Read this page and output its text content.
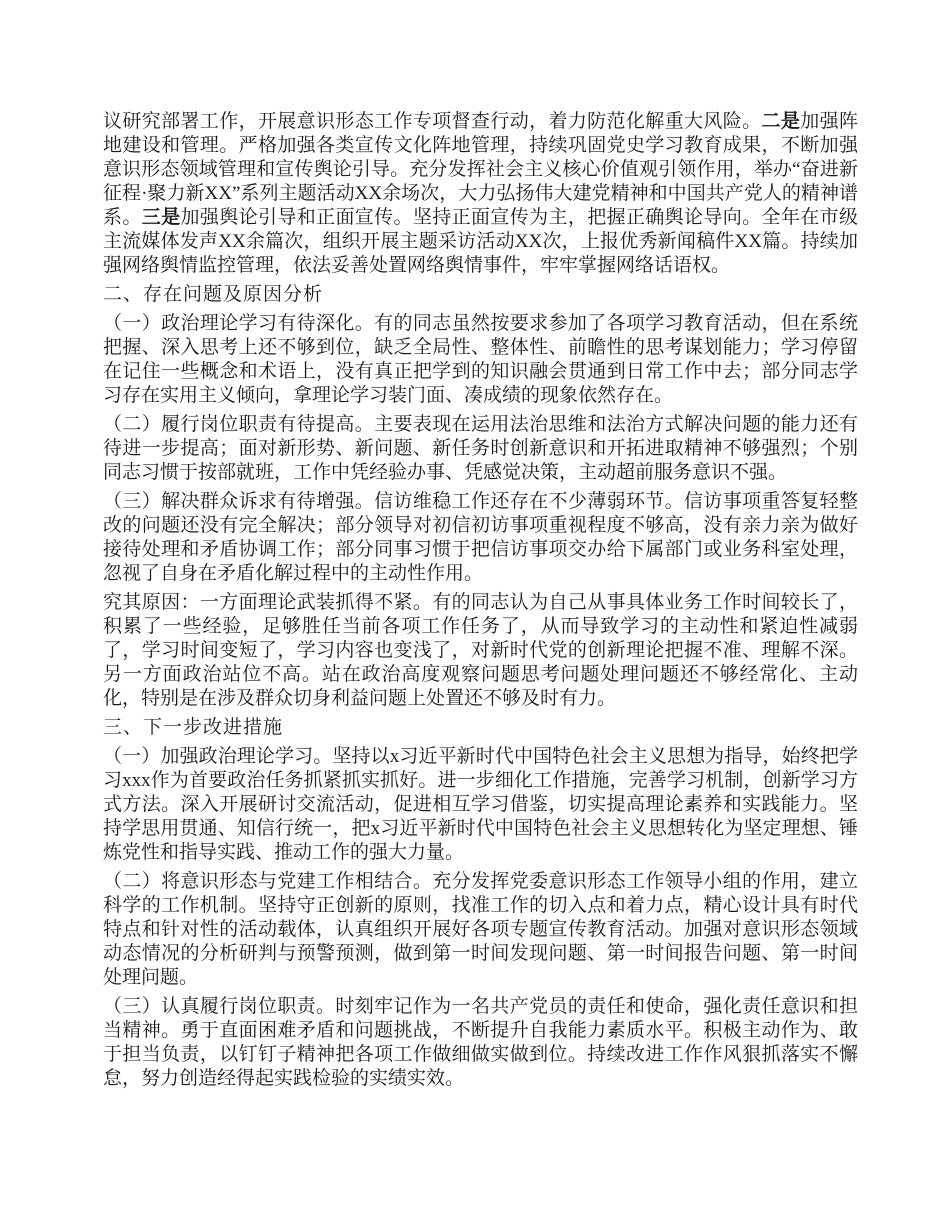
议研究部署工作，开展意识形态工作专项督查行动，着力防范化解重大风险。二是加强阵地建设和管理。严格加强各类宣传文化阵地管理，持续巩固党史学习教育成果，不断加强意识形态领域管理和宣传舆论引导。充分发挥社会主义核心价值观引领作用，举办“奋进新征程·聚力新XX”系列主题活动XX余场次，大力弘扬伟大建党精神和中国共产党人的精神谱系。三是加强舆论引导和正面宣传。坚持正面宣传为主，把握正确舆论导向。全年在市级主流媒体发声XX余篇次，组织开展主题采访活动XX次，上报优秀新闻稿件XX篇。持续加强网络舆情监控管理，依法妥善处置网络舆情事件，牢牢掌握网络话语权。

二、存在问题及原因分析

（一）政治理论学习有待深化。有的同志虽然按要求参加了各项学习教育活动，但在系统把握、深入思考上还不够到位，缺乏全局性、整体性、前瞻性的思考谋划能力；学习停留在记住一些概念和术语上，没有真正把学到的知识融会贯通到日常工作中去；部分同志学习存在实用主义倾向，拿理论学习装门面、凑成绩的现象依然存在。

（二）履行岗位职责有待提高。主要表现在运用法治思维和法治方式解决问题的能力还有待进一步提高；面对新形势、新问题、新任务时创新意识和开拓进取精神不够强烈；个别同志习惯于按部就班，工作中凭经验办事、凭感觉决策，主动超前服务意识不强。

（三）解决群众诉求有待增强。信访维稳工作还存在不少薄弱环节。信访事项重答复轻整改的问题还没有完全解决；部分领导对初信初访事项重视程度不够高，没有亲力亲为做好接待处理和矛盾协调工作；部分同事习惯于把信访事项交办给下属部门或业务科室处理，忽视了自身在矛盾化解过程中的主动性作用。

究其原因：一方面理论武装抓得不紧。有的同志认为自己从事具体业务工作时间较长了，积累了一些经验，足够胜任当前各项工作任务了，从而导致学习的主动性和紧迫性减弱了，学习时间变短了，学习内容也变浅了，对新时代党的创新理论把握不准、理解不深。另一方面政治站位不高。站在政治高度观察问题思考问题处理问题还不够经常化、主动化，特别是在涉及群众切身利益问题上处置还不够及时有力。

三、下一步改进措施

（一）加强政治理论学习。坚持以x习近平新时代中国特色社会主义思想为指导，始终把学习xxx作为首要政治任务抓紧抓实抓好。进一步细化工作措施，完善学习机制，创新学习方式方法。深入开展研讨交流活动，促进相互学习借鉴，切实提高理论素养和实践能力。坚持学思用贯通、知信行统一，把x习近平新时代中国特色社会主义思想转化为坚定理想、锤炼党性和指导实践、推动工作的强大力量。

（二）将意识形态与党建工作相结合。充分发挥党委意识形态工作领导小组的作用，建立科学的工作机制。坚持守正创新的原则，找准工作的切入点和着力点，精心设计具有时代特点和针对性的活动载体，认真组织开展好各项专题宣传教育活动。加强对意识形态领域动态情况的分析研判与预警预测，做到第一时间发现问题、第一时间报告问题、第一时间处理问题。

（三）认真履行岗位职责。时刻牢记作为一名共产党员的责任和使命，强化责任意识和担当精神。勇于直面困难矛盾和问题挑战，不断提升自我能力素质水平。积极主动作为、敢于担当负责，以钉钉子精神把各项工作做细做实做到位。持续改进工作作风狠抓落实不懈怠，努力创造经得起实践检验的实绩实效。
